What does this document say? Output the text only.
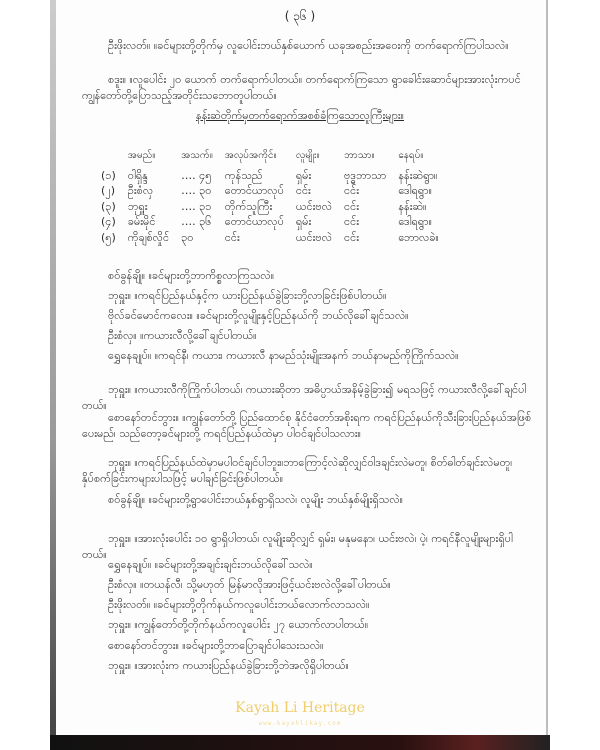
( ၃၆ )
ဦးဖိုးလတ်။ ။ခင်များတို့တိုက်မှ လူပေါင်းဘယ်နှစ်ယောက် ယခုအစည်းအဝေးကို တက်ရောက်ကြပါသလဲ။
စဒူး။ ။လူပေါင်း ၂၀ ယောက် တက်ရောက်ပါတယ်။ တက်ရောက်ကြသော ရွာခေါင်းဆောင်များအားလုံးကပင် ကျွန်တော်တို့ပြောသည့်အတိုင်းသဘောတူပါတယ်။
နန်းဆဲတိုက်မှတက်ရောက်အစစ်ခံကြသောလူကြီးများ။
	အမည်။	အသက်။	အလုပ်အကိုင်။	လူမျိုး။	ဘာသာ။	နေရပ်။
(၁)	ဝါရှိန္ဒ	…. ၄၅	ကုန်သည်	ရှမ်း	ဗုဒ္ဓဘာသာ	နန်းဆဲရွာ။
(၂)	ဦးစံလှ	…. ၃၀	တောင်ယာလုပ်	ငင်း	ငင်း	ဒေါရရွာ။
(၃)	ဘုရှူး	…. ၃၁	တိုက်သူကြီး	ယင်းဗလဲ	ငင်း	နန်းဆဲ။
(၄)	ခမ်းမိုင်	…. ၃၆	တောင်ယာလုပ်	ရှမ်း	ငင်း	ဒေါရရွာ။
(၅)	ကိုချစ်လှိုင်	၃၀	ငင်း	ယင်းဗလဲ	ငင်း	ဘောလခဲ။
စဝ်ခွန်ချို။ ။ခင်များတို့ဘာကိစ္စလာကြသလဲ။
ဘုရှူး။ ။ကရင်ပြည်နယ်နှင့်က ယားပြည်နယ်ခွဲခြားဘို့လာခြင်းဖြစ်ပါတယ်။
ဗိုလ်ခင်မောင်ကလေး။ ။ခင်များတို့လူမျိုးနှင့်ပြည်နယ်ကို ဘယ်လိုခေါ်ချင်သလဲ။
ဦးစံလှ။ ။ကယားလီလို့ခေါ်ချင်ပါတယ်။
ရွှေနေချုပ်။ ။ကရင်နီ၊ ကယား၊ ကယားလီ နာမည်သုံးမျိုးအနက် ဘယ်နာမည်ကိုကြိုက်သလဲ။
ဘုရှူး။ ။ကယားလီကိုကြိုက်ပါတယ်၊ ကယားဆိုတာ အဓိပ္ပာယ်အနိမ့်ခွဲခြား၍ မရသဖြင့် ကယားလီလို့ခေါ်ချင်ပါတယ်။
စောနော်တင်ဘွား။ ။ကျွန်တော်တို့ ပြည်ထောင်စု နိုင်ငံတော်အစိုးရက ကရင်ပြည်နယ်ကိုသီးခြားပြည်နယ်အဖြစ်ပေးမည်၊ သည်တော့ခင်များတို့ ကရင်ပြည်နယ်ထဲမှာ ပါဝင်ချင်ပါသလား။
ဘုရှူး။ ။ကရင်ပြည်နယ်ထဲမှာမပါဝင်ချင်ပါဘူး။ဘာကြောင့်လဲဆိုလျှင်ဝါဒချင်းလဲမတူ၊ စိတ်ဓါတ်ချင်းလဲမတူ၊ နှိပ်စက်ခြင်းကများပါသဖြင့် မပါချင်ခြင်းဖြစ်ပါတယ်။
စဝ်ခွန်ချို။ ။ခင်များတို့ရွာပေါင်းဘယ်နှစ်ရွာရှိသလဲ၊ လူမျိုး ဘယ်နှစ်မျိုးရှိသလဲ။
ဘုရှူး။ ။အားလုံးပေါင်း ၁၀ ရွာရှိပါတယ်၊ လူမျိုးဆိုလျှင် ရှမ်း၊ မနုမနော၊ ယင်းဗလဲ၊ ပဲ့၊ ကရင်နီလူမျိုးများရှိပါတယ်။
ရွှေနေချုပ်။ ။ခင်များတို့အချင်းချင်းဘယ်လိုခေါ်သလဲ။
ဦးစံလှ။ ။တယန်လီ၊ သို့မဟုတ် မြန်မာလိုအားဖြင့်ယင်းဗလဲလို့ခေါ်ပါတယ်။
ဦးဖိုးလတ်။ ။ခင်များတို့တိုက်နယ်ကလူပေါင်းဘယ်လောက်လာသလဲ။
ဘုရှူး။ ။ကျွန်တော်တို့တိုက်နယ်ကလူပေါင်း ၂၇ ယောက်လာပါတယ်။
စောနော်တင်ဘွား။ ။ခင်များတို့ဘာပြောချင်ပါသေးသလဲ။
ဘုရှူး။ ။အားလုံးက ကယားပြည်နယ်ခွဲခြားဘို့ဘဲအလိုရှိပါတယ်။
Kayah Li Heritage
www.kayahlikay.com
